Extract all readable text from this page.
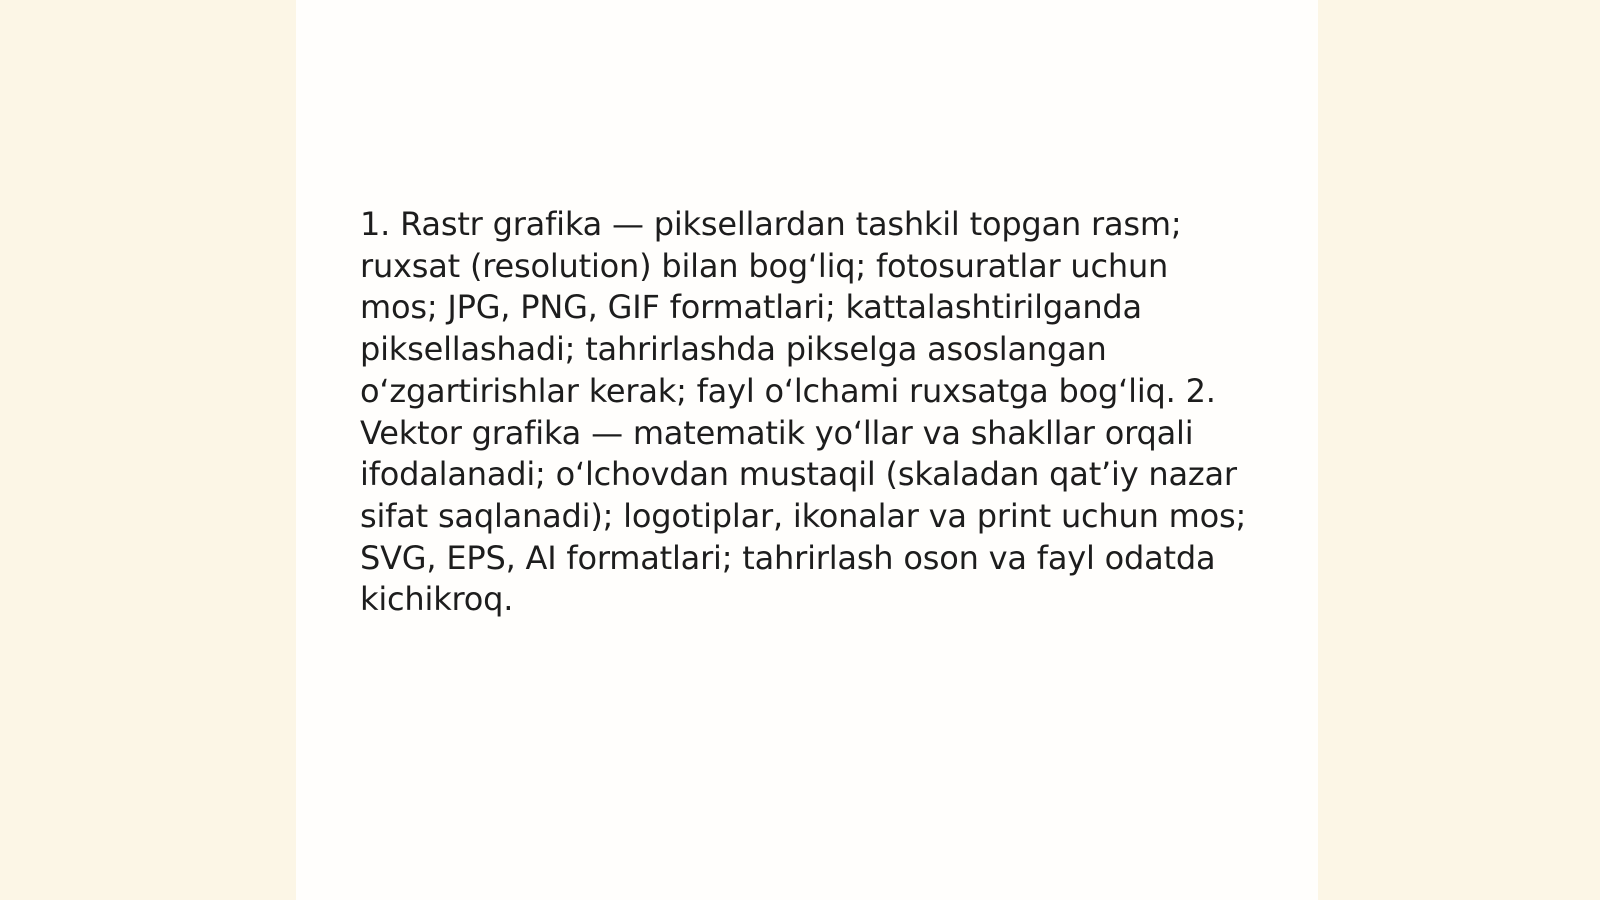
1. Rastr grafika — piksellardan tashkil topgan rasm; ruxsat (resolution) bilan bog‘liq; fotosuratlar uchun mos; JPG, PNG, GIF formatlari; kattalashtirilganda piksellashadi; tahrirlashda pikselga asoslangan o‘zgartirishlar kerak; fayl o‘lchami ruxsatga bog‘liq. 2. Vektor grafika — matematik yo‘llar va shakllar orqali ifodalanadi; o‘lchovdan mustaqil (skaladan qat’iy nazar sifat saqlanadi); logotiplar, ikonalar va print uchun mos; SVG, EPS, AI formatlari; tahrirlash oson va fayl odatda kichikroq.
